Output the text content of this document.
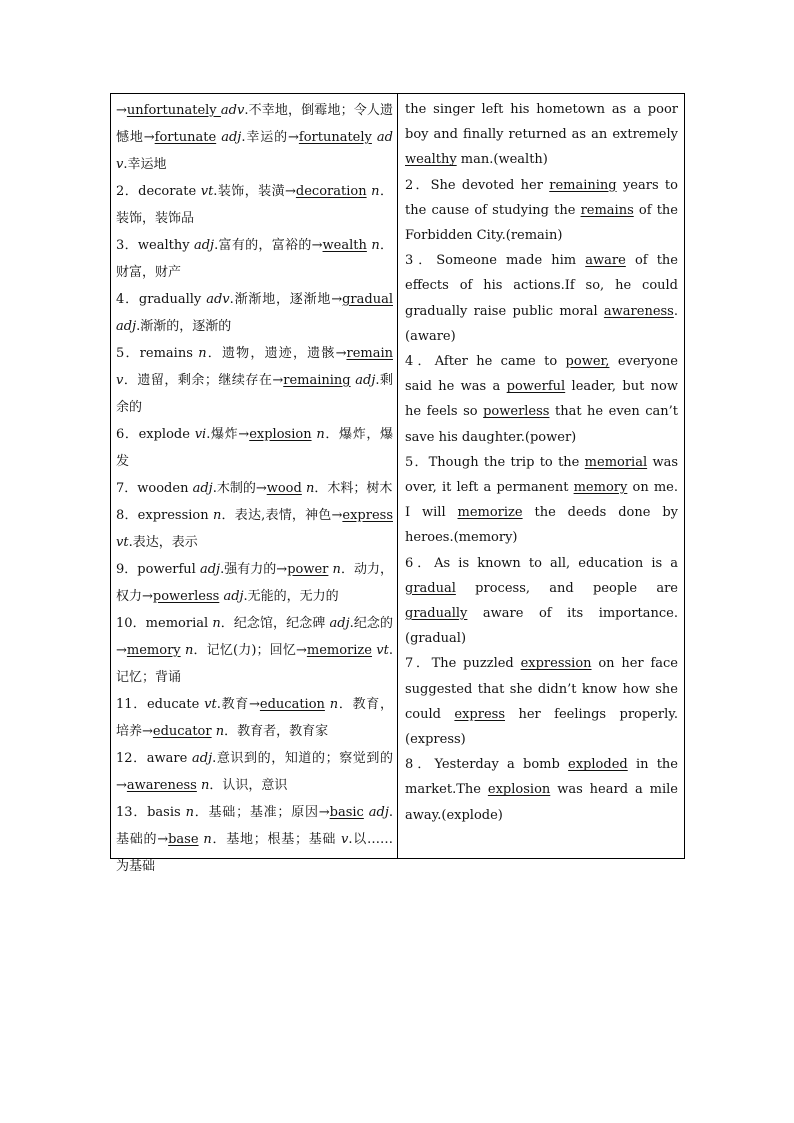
→unfortunately adv.不幸地，倒霉地；令人遗憾地→fortunate adj.幸运的→fortunately adv.幸运地

2．decorate vt.装饰，装潢→decoration n．装饰，装饰品

3．wealthy adj.富有的，富裕的→wealth n．财富，财产

4．gradually adv.渐渐地，逐渐地→gradual adj.渐渐的，逐渐的

5．remains n．遗物，遗迹，遗骸→remain v．遗留，剩余；继续存在→remaining adj.剩余的

6．explode vi.爆炸→explosion n．爆炸，爆发

7．wooden adj.木制的→wood n．木料；树木

8．expression n．表达,表情，神色→express vt.表达，表示

9．powerful adj.强有力的→power n．动力，权力→powerless adj.无能的，无力的

10．memorial n．纪念馆，纪念碑 adj.纪念的→memory n．记忆(力)；回忆→memorize vt.记忆；背诵

11．educate vt.教育→education n．教育，培养→educator n．教育者，教育家

12．aware adj.意识到的，知道的；察觉到的→awareness n．认识，意识

13．basis n．基础；基准；原因→basic adj.基础的→base n．基地；根基；基础 v.以……为基础

the singer left his hometown as a poor boy and finally returned as an extremely wealthy man.(wealth)

2．She devoted her remaining years to the cause of studying the remains of the Forbidden City.(remain)

3．Someone made him aware of the effects of his actions.If so, he could gradually raise public moral awareness.(aware)

4．After he came to power, everyone said he was a powerful leader, but now he feels so powerless that he even can’t save his daughter.(power)

5．Though the trip to the memorial was over, it left a permanent memory on me. I will memorize the deeds done by heroes.(memory)

6．As is known to all, education is a gradual process, and people are gradually aware of its importance.(gradual)

7．The puzzled expression on her face suggested that she didn’t know how she could express her feelings properly.(express)

8．Yesterday a bomb exploded in the market.The explosion was heard a mile away.(explode)
